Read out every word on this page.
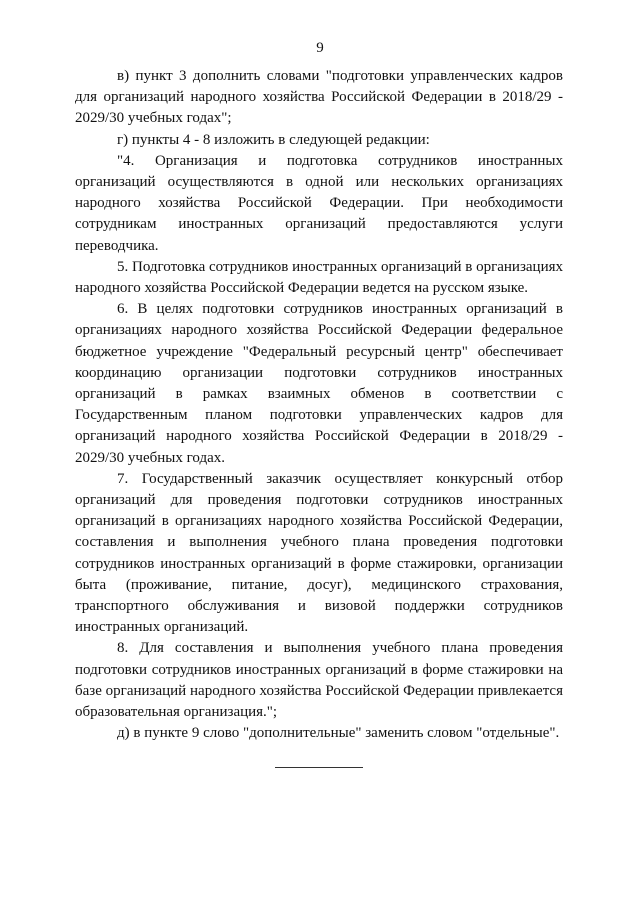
9

в) пункт 3 дополнить словами "подготовки управленческих кадров для организаций народного хозяйства Российской Федерации в 2018/29 - 2029/30 учебных годах";

г) пункты 4 - 8 изложить в следующей редакции:

"4. Организация и подготовка сотрудников иностранных организаций осуществляются в одной или нескольких организациях народного хозяйства Российской Федерации. При необходимости сотрудникам иностранных организаций предоставляются услуги переводчика.

5. Подготовка сотрудников иностранных организаций в организациях народного хозяйства Российской Федерации ведется на русском языке.

6. В целях подготовки сотрудников иностранных организаций в организациях народного хозяйства Российской Федерации федеральное бюджетное учреждение "Федеральный ресурсный центр" обеспечивает координацию организации подготовки сотрудников иностранных организаций в рамках взаимных обменов в соответствии с Государственным планом подготовки управленческих кадров для организаций народного хозяйства Российской Федерации в 2018/29 - 2029/30 учебных годах.

7. Государственный заказчик осуществляет конкурсный отбор организаций для проведения подготовки сотрудников иностранных организаций в организациях народного хозяйства Российской Федерации, составления и выполнения учебного плана проведения подготовки сотрудников иностранных организаций в форме стажировки, организации быта (проживание, питание, досуг), медицинского страхования, транспортного обслуживания и визовой поддержки сотрудников иностранных организаций.

8. Для составления и выполнения учебного плана проведения подготовки сотрудников иностранных организаций в форме стажировки на базе организаций народного хозяйства Российской Федерации привлекается образовательная организация.";

д) в пункте 9 слово "дополнительные" заменить словом "отдельные".
